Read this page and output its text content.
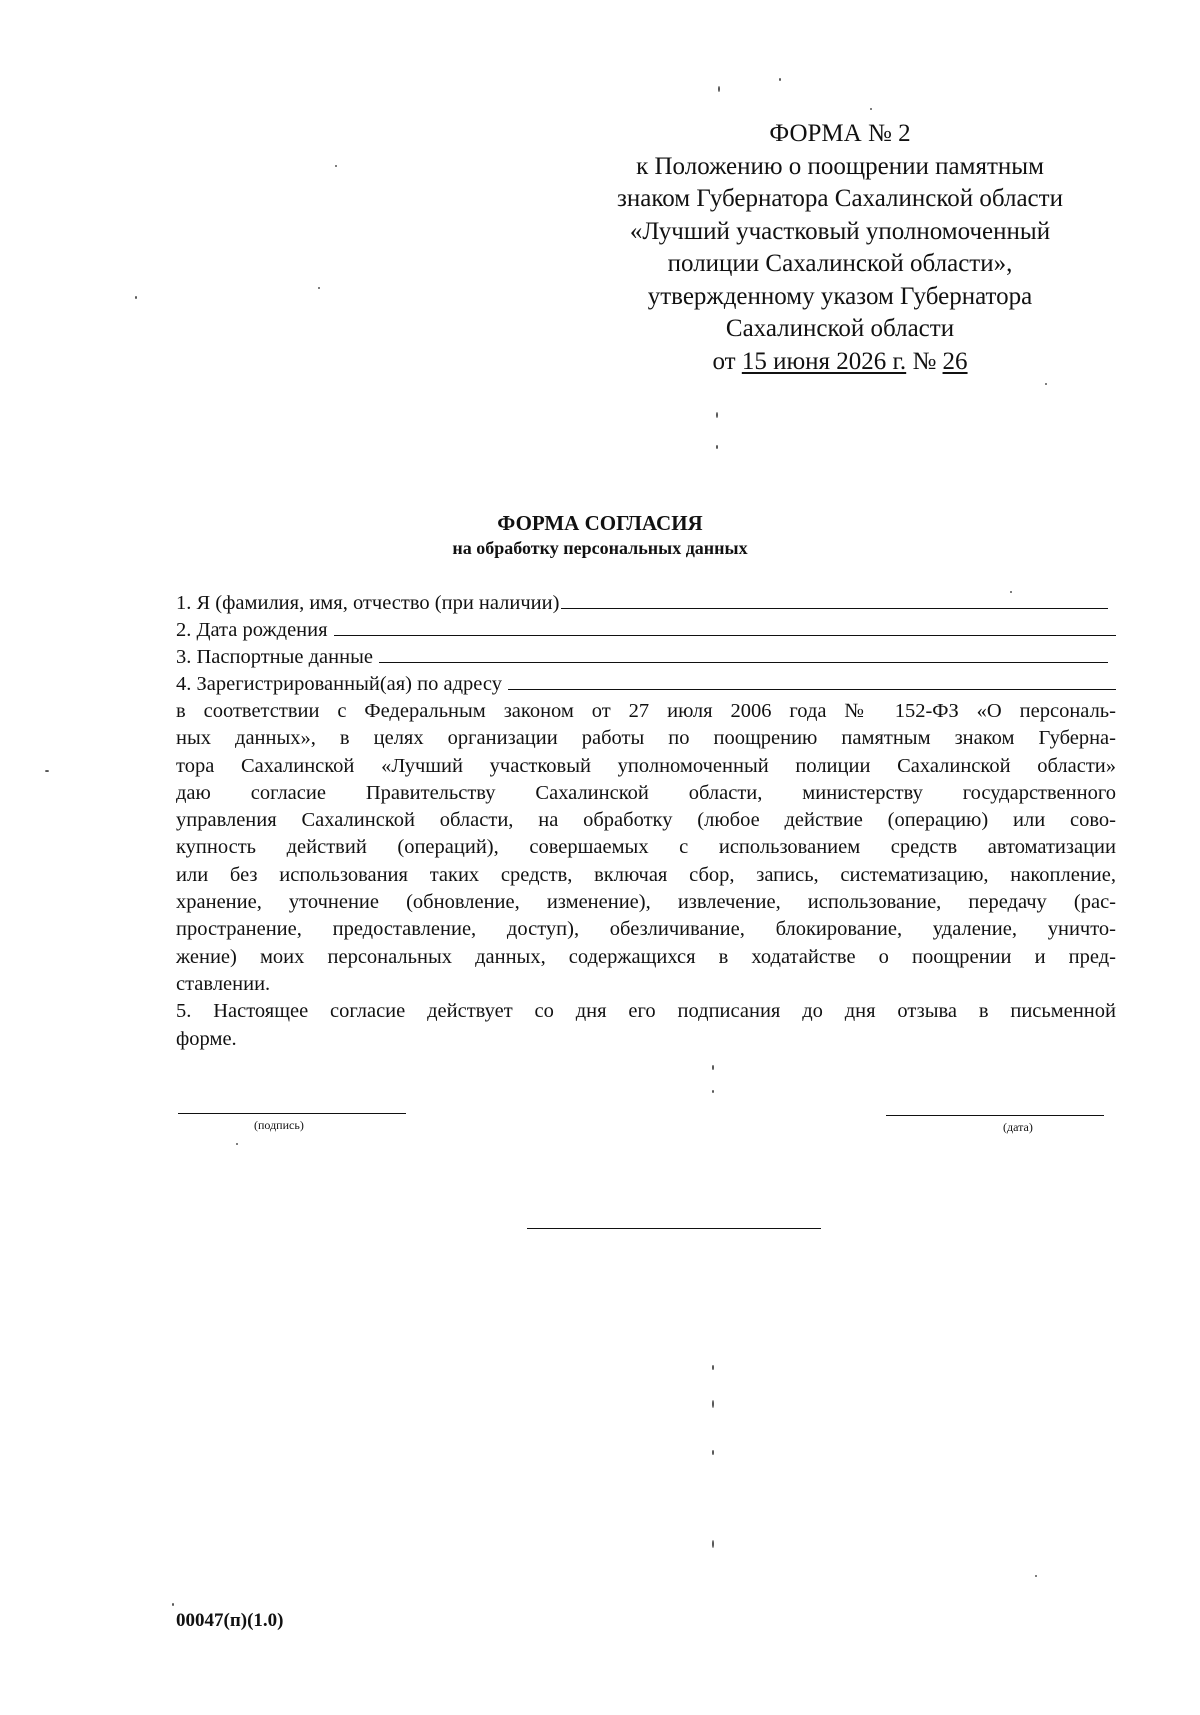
ФОРМА № 2
к Положению о поощрении памятным
знаком Губернатора Сахалинской области
«Лучший участковый уполномоченный
полиции Сахалинской области»,
утвержденному указом Губернатора
Сахалинской области
от 15 июня 2026 г. № 26
ФОРМА СОГЛАСИЯ
на обработку персональных данных
1. Я (фамилия, имя, отчество (при наличии)
2. Дата рождения
3. Паспортные данные
4. Зарегистрированный(ая) по адресу
в соответствии с Федеральным законом от 27 июля 2006 года № 152-ФЗ «О персональ-
ных данных», в целях организации работы по поощрению памятным знаком Губерна-
тора Сахалинской «Лучший участковый уполномоченный полиции Сахалинской области»
даю согласие Правительству Сахалинской области, министерству государственного
управления Сахалинской области, на обработку (любое действие (операцию) или сово-
купность действий (операций), совершаемых с использованием средств автоматизации
или без использования таких средств, включая сбор, запись, систематизацию, накопление,
хранение, уточнение (обновление, изменение), извлечение, использование, передачу (рас-
пространение, предоставление, доступ), обезличивание, блокирование, удаление, уничто-
жение) моих персональных данных, содержащихся в ходатайстве о поощрении и пред-
ставлении.
5. Настоящее согласие действует со дня его подписания до дня отзыва в письменной
форме.
(подпись)	(дата)
00047(п)(1.0)
